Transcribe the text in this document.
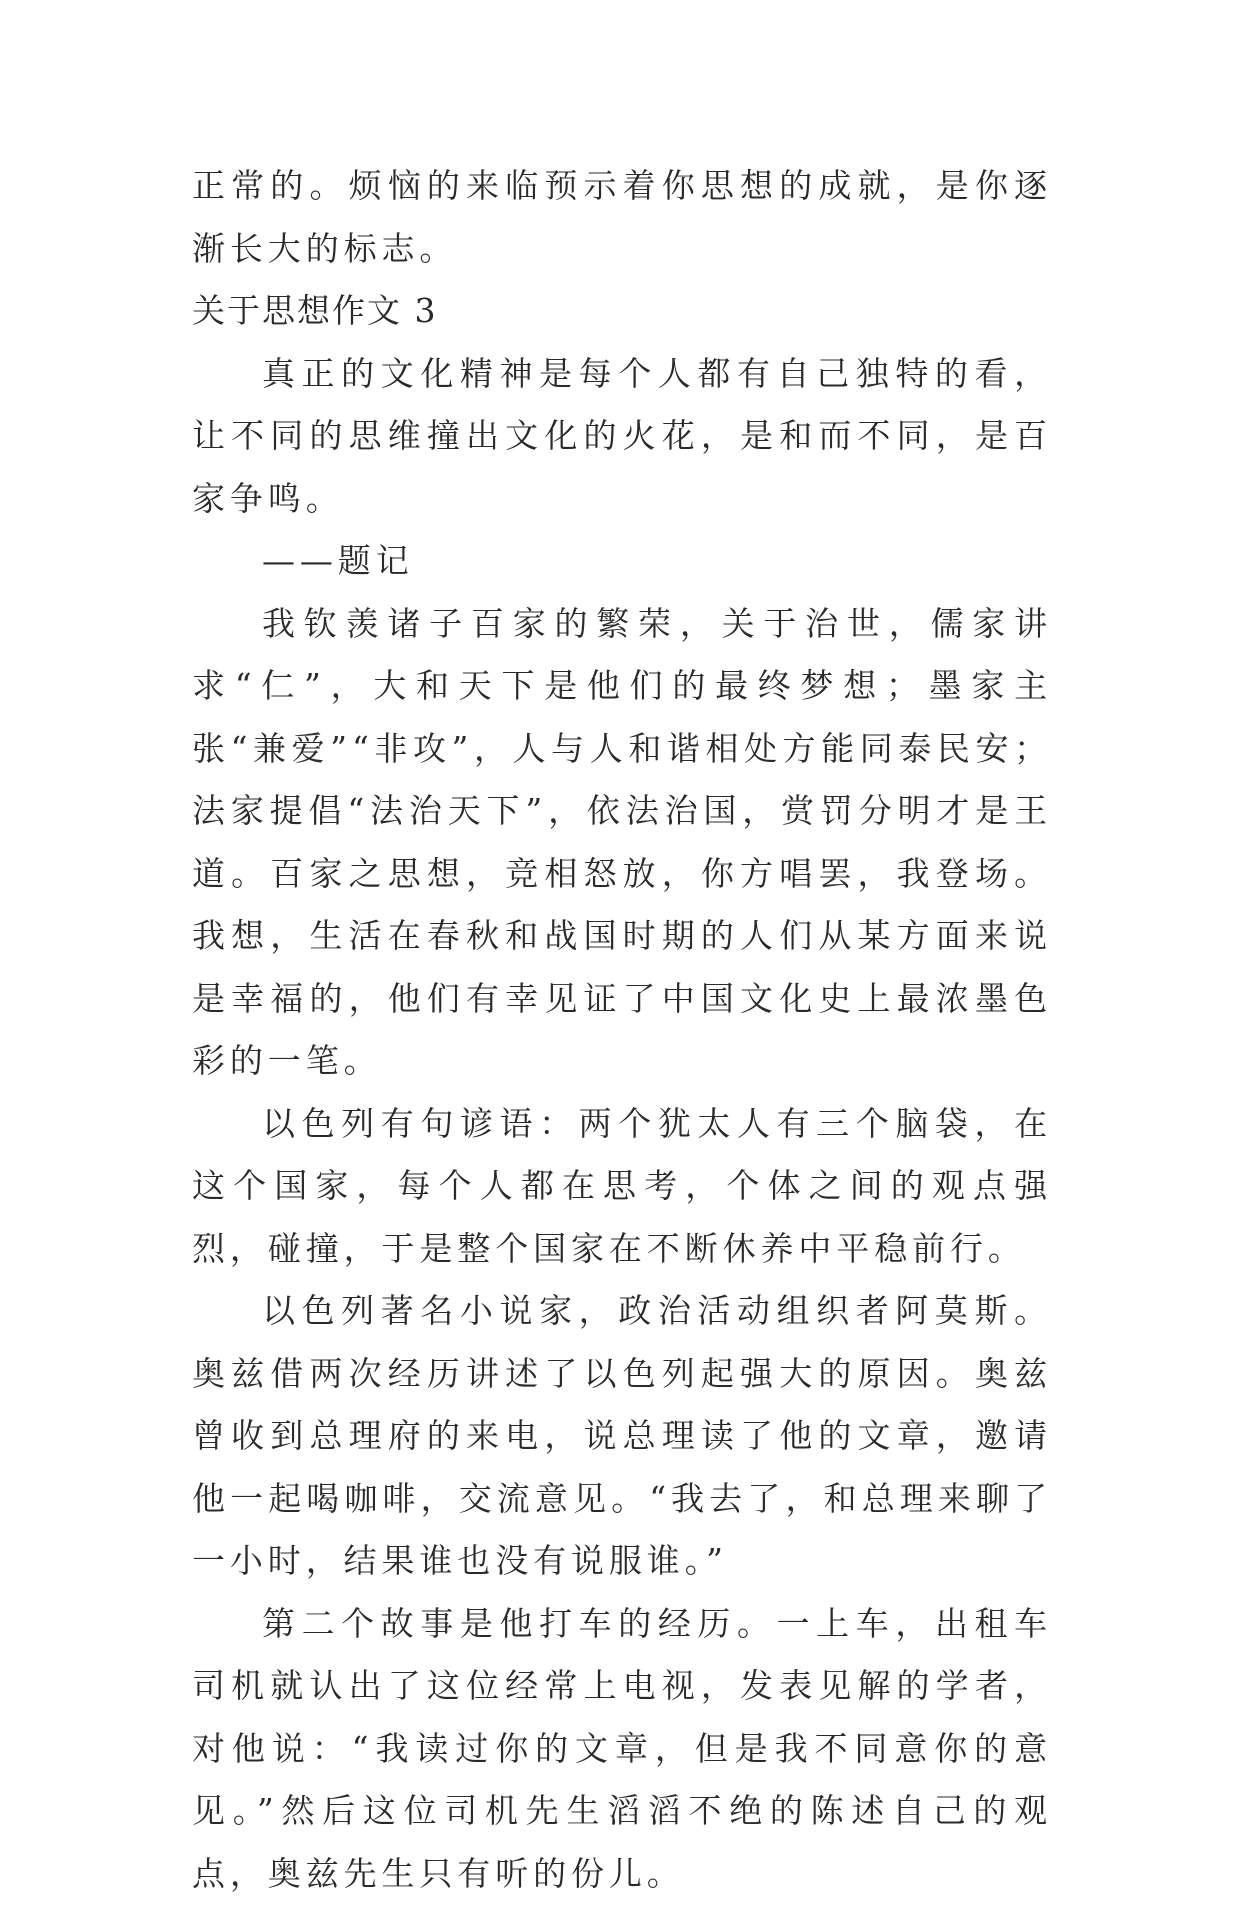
正常的。烦恼的来临预示着你思想的成就，是你逐渐长大的标志。

关于思想作文 3

真正的文化精神是每个人都有自己独特的看，让不同的思维撞出文化的火花，是和而不同，是百家争鸣。

——题记

我钦羡诸子百家的繁荣，关于治世，儒家讲求“仁”，大和天下是他们的最终梦想；墨家主张“兼爱”“非攻”，人与人和谐相处方能同泰民安；法家提倡“法治天下”，依法治国，赏罚分明才是王道。百家之思想，竞相怒放，你方唱罢，我登场。我想，生活在春秋和战国时期的人们从某方面来说是幸福的，他们有幸见证了中国文化史上最浓墨色彩的一笔。

以色列有句谚语：两个犹太人有三个脑袋，在这个国家，每个人都在思考，个体之间的观点强烈，碰撞，于是整个国家在不断休养中平稳前行。

以色列著名小说家，政治活动组织者阿莫斯。奥兹借两次经历讲述了以色列起强大的原因。奥兹曾收到总理府的来电，说总理读了他的文章，邀请他一起喝咖啡，交流意见。“我去了，和总理来聊了一小时，结果谁也没有说服谁。”

第二个故事是他打车的经历。一上车，出租车司机就认出了这位经常上电视，发表见解的学者，对他说：“我读过你的文章，但是我不同意你的意见。”然后这位司机先生滔滔不绝的陈述自己的观点，奥兹先生只有听的份儿。
